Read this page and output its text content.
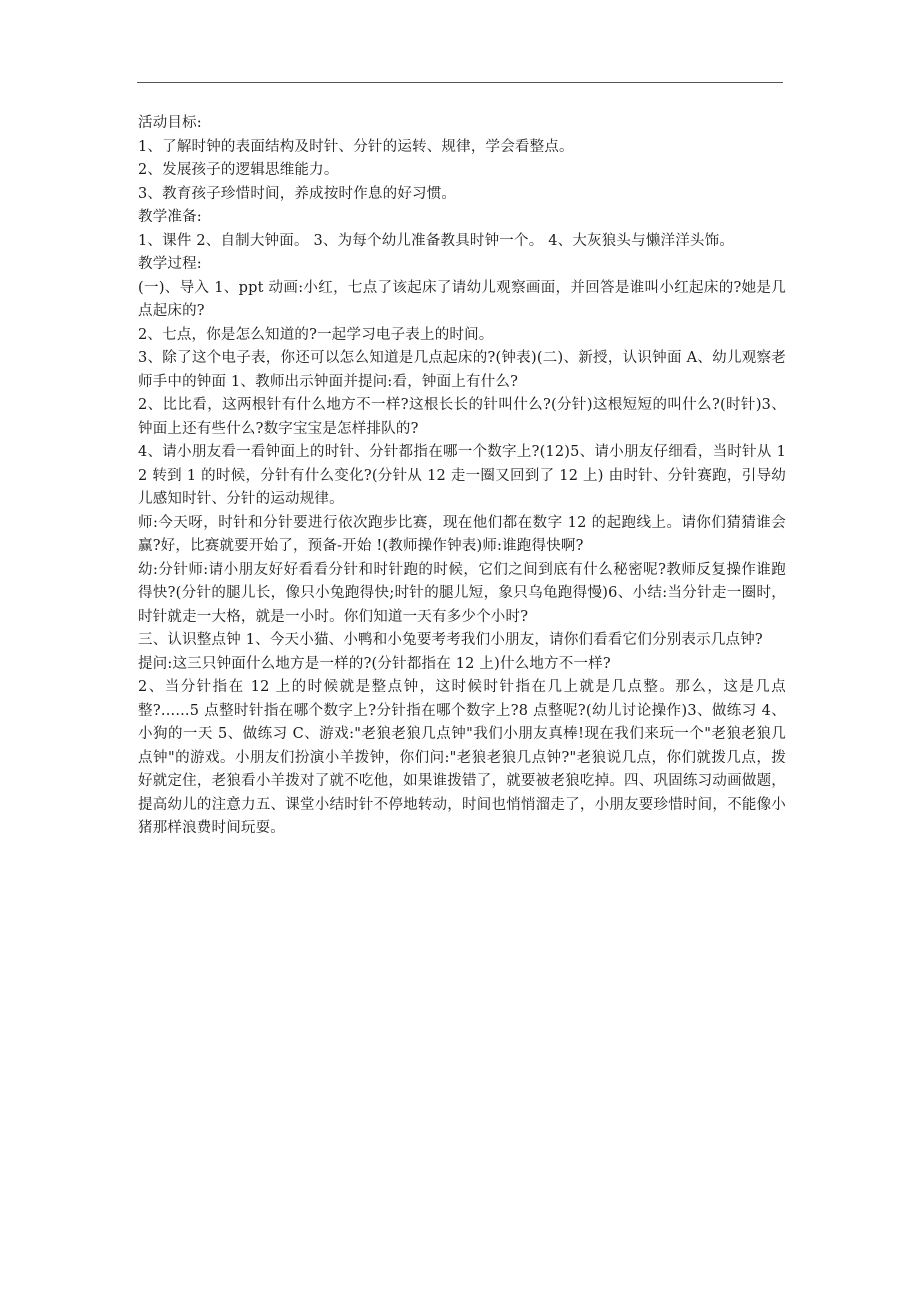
活动目标:

1、了解时钟的表面结构及时针、分针的运转、规律，学会看整点。

2、发展孩子的逻辑思维能力。

3、教育孩子珍惜时间，养成按时作息的好习惯。

教学准备:

1、课件 2、自制大钟面。 3、为每个幼儿准备教具时钟一个。 4、大灰狼头与懒洋洋头饰。

教学过程:

(一)、导入 1、ppt 动画:小红，七点了该起床了请幼儿观察画面，并回答是谁叫小红起床的?她是几点起床的?

2、七点，你是怎么知道的?一起学习电子表上的时间。

3、除了这个电子表，你还可以怎么知道是几点起床的?(钟表)(二)、新授，认识钟面 A、幼儿观察老师手中的钟面 1、教师出示钟面并提问:看，钟面上有什么?

2、比比看，这两根针有什么地方不一样?这根长长的针叫什么?(分针)这根短短的叫什么?(时针)3、钟面上还有些什么?数字宝宝是怎样排队的?

4、请小朋友看一看钟面上的时针、分针都指在哪一个数字上?(12)5、请小朋友仔细看，当时针从 12 转到 1 的时候，分针有什么变化?(分针从 12 走一圈又回到了 12 上) 由时针、分针赛跑，引导幼儿感知时针、分针的运动规律。

师:今天呀，时针和分针要进行依次跑步比赛，现在他们都在数字 12 的起跑线上。请你们猜猜谁会赢?好，比赛就要开始了，预备-开始 !(教师操作钟表)师:谁跑得快啊?

幼:分针师:请小朋友好好看看分针和时针跑的时候，它们之间到底有什么秘密呢?教师反复操作谁跑得快?(分针的腿儿长，像只小兔跑得快;时针的腿儿短，象只乌龟跑得慢)6、小结:当分针走一圈时，时针就走一大格，就是一小时。你们知道一天有多少个小时?

三、认识整点钟 1、今天小猫、小鸭和小兔要考考我们小朋友，请你们看看它们分别表示几点钟?

提问:这三只钟面什么地方是一样的?(分针都指在 12 上)什么地方不一样?

2、当分针指在 12 上的时候就是整点钟，这时候时针指在几上就是几点整。那么，这是几点整?......5 点整时针指在哪个数字上?分针指在哪个数字上?8 点整呢?(幼儿讨论操作)3、做练习 4、小狗的一天 5、做练习 C、游戏:"老狼老狼几点钟"我们小朋友真棒!现在我们来玩一个"老狼老狼几点钟"的游戏。小朋友们扮演小羊拨钟，你们问:"老狼老狼几点钟?"老狼说几点，你们就拨几点，拨好就定住，老狼看小羊拨对了就不吃他，如果谁拨错了，就要被老狼吃掉。四、巩固练习动画做题，提高幼儿的注意力五、课堂小结时针不停地转动，时间也悄悄溜走了，小朋友要珍惜时间，不能像小猪那样浪费时间玩耍。
